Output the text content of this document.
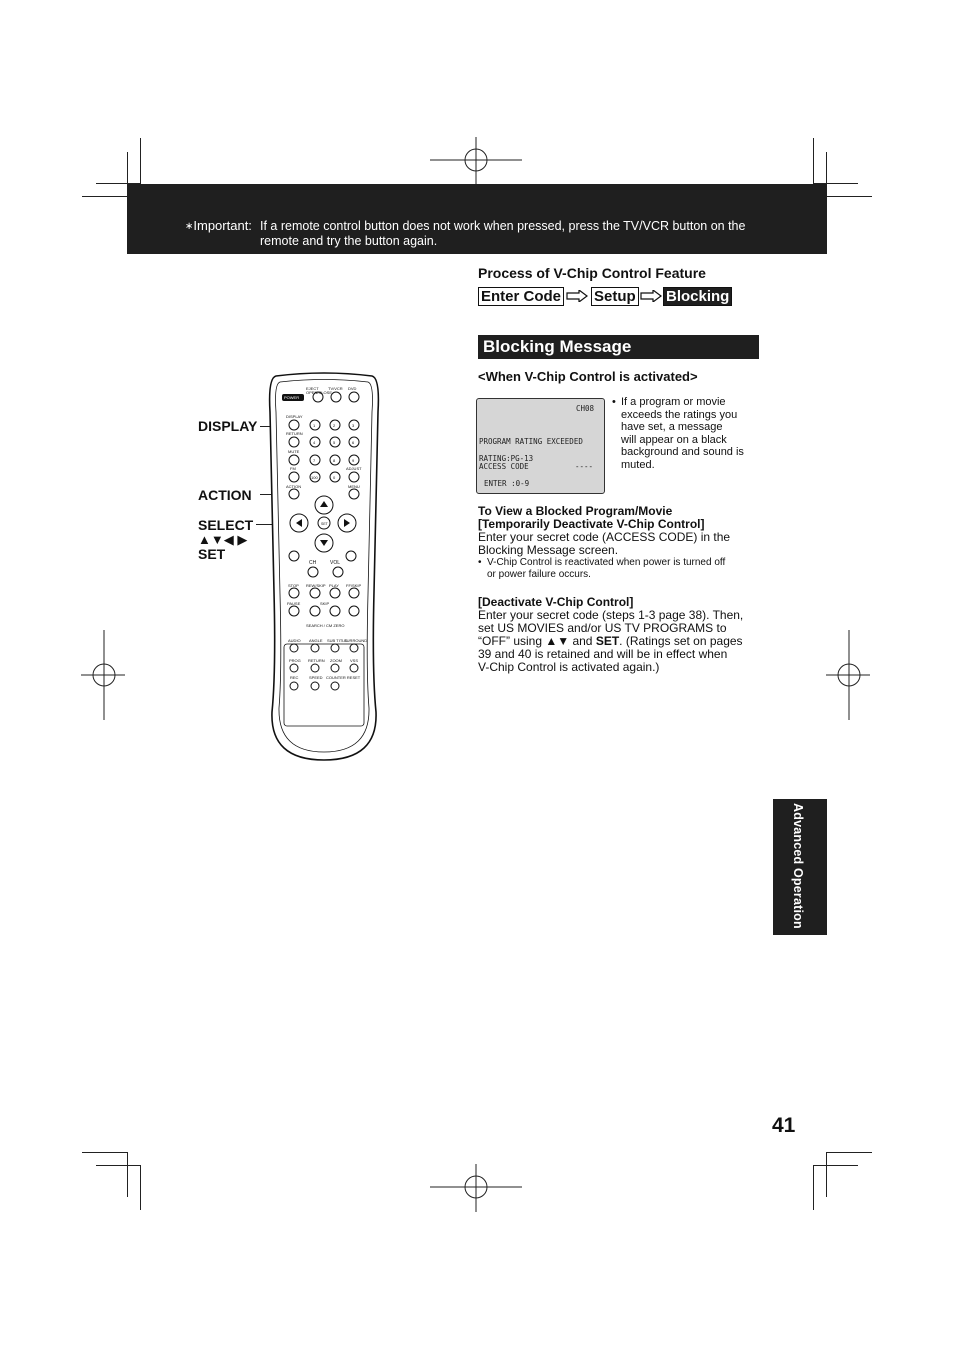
∗Important: If a remote control button does not work when pressed, press the TV/VCR button on the
remote and try the button again.
Process of V-Chip Control Feature
Enter Code Setup Blocking
Blocking Message
<When V-Chip Control is activated>
CH08
PROGRAM RATING EXCEEDED
RATING:PG-13
ACCESS CODE	----
ENTER :0-9
• If a program or movie
exceeds the ratings you
have set, a message
will appear on a black
background and sound is
muted.
To View a Blocked Program/Movie
[Temporarily Deactivate V-Chip Control]
Enter your secret code (ACCESS CODE) in the
Blocking Message screen.
• V-Chip Control is reactivated when power is turned off
or power failure occurs.
[Deactivate V-Chip Control]
Enter your secret code (steps 1-3 page 38). Then,
set US MOVIES and/or US TV PROGRAMS to
“OFF” using ▲▼ and SET. (Ratings set on pages
39 and 40 is retained and will be in effect when
V-Chip Control is activated again.)
DISPLAY
ACTION
SELECT
▲▼◀ ▶
SET
EJECT
OPEN/CLOSE
TV/VCR DVD
POWER
DISPLAY
1	2	3
4	5	6
7	8	9
100	0
RETURN
MUTE
FM	ADJUST
ACTION	MENU
SET
CH	VOL
STOP REW/SKIP PLAY FF/SKIP
PAUSE	SKIP
SEARCH / CM ZERO
AUDIO ANGLE SUB TITLE
SURROUND
PROG RETURN ZOOM VSS
REC	SPEED COUNTER RESET
Advanced Operation
41
